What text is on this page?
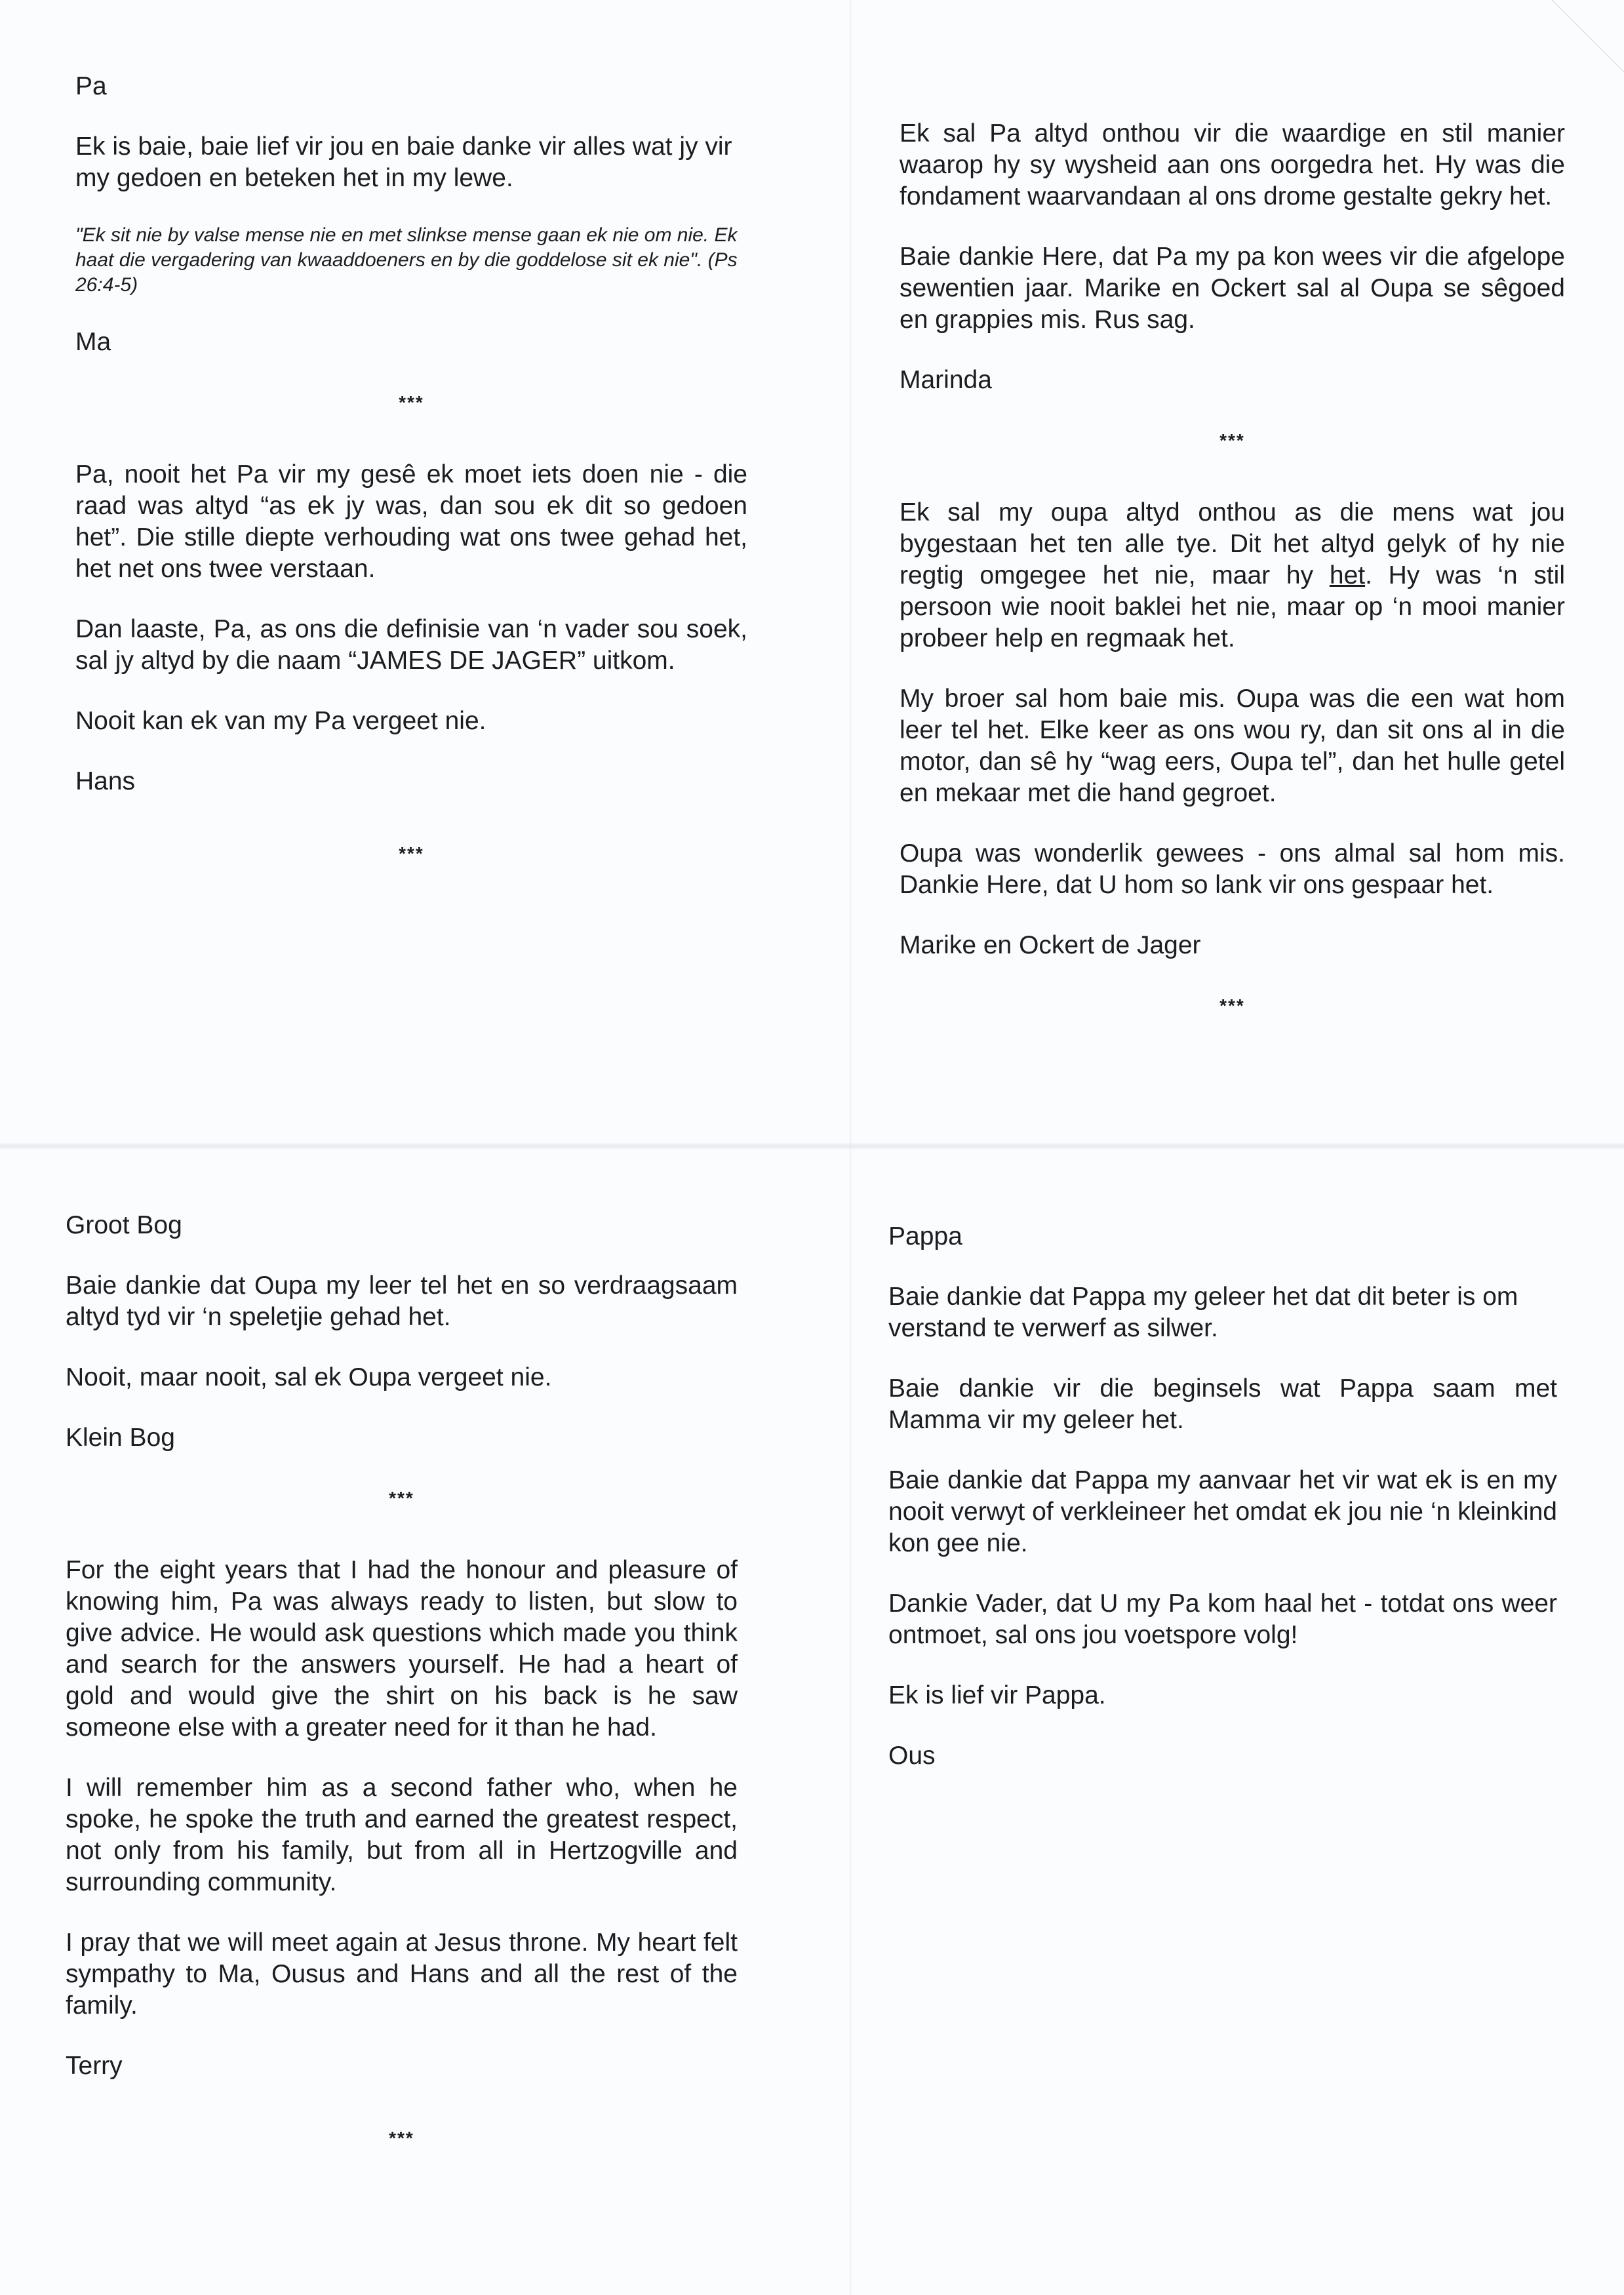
Pa

Ek is baie, baie lief vir jou en baie danke vir alles wat jy vir my gedoen en beteken het in my lewe.

"Ek sit nie by valse mense nie en met slinkse mense gaan ek nie om nie. Ek haat die vergadering van kwaaddoeners en by die goddelose sit ek nie". (Ps 26:4-5)

Ma

***

Pa, nooit het Pa vir my gesê ek moet iets doen nie - die raad was altyd “as ek jy was, dan sou ek dit so gedoen het”. Die stille diepte verhouding wat ons twee gehad het, het net ons twee verstaan.

Dan laaste, Pa, as ons die definisie van ‘n vader sou soek, sal jy altyd by die naam “JAMES DE JAGER” uitkom.

Nooit kan ek van my Pa vergeet nie.

Hans

***

Ek sal Pa altyd onthou vir die waardige en stil manier waarop hy sy wysheid aan ons oorgedra het. Hy was die fondament waarvandaan al ons drome gestalte gekry het.

Baie dankie Here, dat Pa my pa kon wees vir die afgelope sewentien jaar. Marike en Ockert sal al Oupa se sêgoed en grappies mis. Rus sag.

Marinda

***

Ek sal my oupa altyd onthou as die mens wat jou bygestaan het ten alle tye. Dit het altyd gelyk of hy nie regtig omgegee het nie, maar hy het. Hy was ‘n stil persoon wie nooit baklei het nie, maar op ‘n mooi manier probeer help en regmaak het.

My broer sal hom baie mis. Oupa was die een wat hom leer tel het. Elke keer as ons wou ry, dan sit ons al in die motor, dan sê hy “wag eers, Oupa tel”, dan het hulle getel en mekaar met die hand gegroet.

Oupa was wonderlik gewees - ons almal sal hom mis. Dankie Here, dat U hom so lank vir ons gespaar het.

Marike en Ockert de Jager

***

Groot Bog

Baie dankie dat Oupa my leer tel het en so verdraagsaam altyd tyd vir ‘n speletjie gehad het.

Nooit, maar nooit, sal ek Oupa vergeet nie.

Klein Bog

***

For the eight years that I had the honour and pleasure of knowing him, Pa was always ready to listen, but slow to give advice. He would ask questions which made you think and search for the answers yourself. He had a heart of gold and would give the shirt on his back is he saw someone else with a greater need for it than he had.

I will remember him as a second father who, when he spoke, he spoke the truth and earned the greatest respect, not only from his family, but from all in Hertzogville and surrounding community.

I pray that we will meet again at Jesus throne. My heart felt sympathy to Ma, Ousus and Hans and all the rest of the family.

Terry

***

Pappa

Baie dankie dat Pappa my geleer het dat dit beter is om verstand te verwerf as silwer.

Baie dankie vir die beginsels wat Pappa saam met Mamma vir my geleer het.

Baie dankie dat Pappa my aanvaar het vir wat ek is en my nooit verwyt of verkleineer het omdat ek jou nie ‘n kleinkind kon gee nie.

Dankie Vader, dat U my Pa kom haal het - totdat ons weer ontmoet, sal ons jou voetspore volg!

Ek is lief vir Pappa.

Ous
